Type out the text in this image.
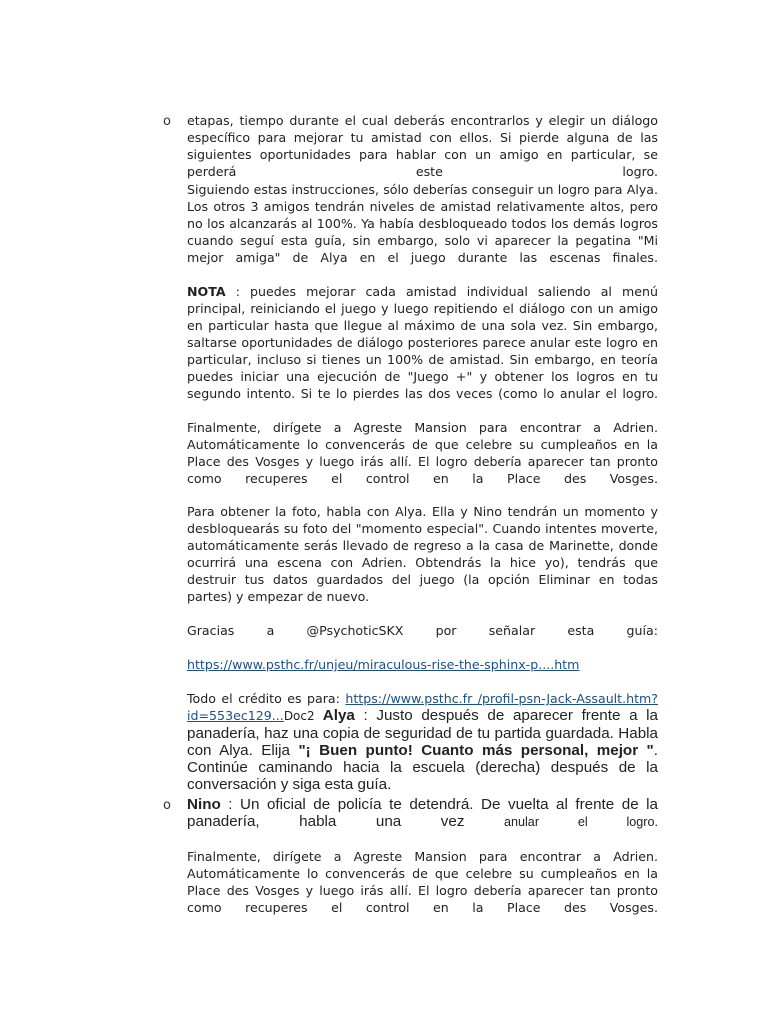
o etapas, tiempo durante el cual deberás encontrarlos y elegir un diálogo específico para mejorar tu amistad con ellos. Si pierde alguna de las siguientes oportunidades para hablar con un amigo en particular, se perderá este logro.
Siguiendo estas instrucciones, sólo deberías conseguir un logro para Alya. Los otros 3 amigos tendrán niveles de amistad relativamente altos, pero no los alcanzarás al 100%. Ya había desbloqueado todos los demás logros cuando seguí esta guía, sin embargo, solo vi aparecer la pegatina "Mi mejor amiga" de Alya en el juego durante las escenas finales.
NOTA : puedes mejorar cada amistad individual saliendo al menú principal, reiniciando el juego y luego repitiendo el diálogo con un amigo en particular hasta que llegue al máximo de una sola vez. Sin embargo, saltarse oportunidades de diálogo posteriores parece anular este logro en particular, incluso si tienes un 100% de amistad. Sin embargo, en teoría puedes iniciar una ejecución de "Juego +" y obtener los logros en tu segundo intento. Si te lo pierdes las dos veces (como lo anular el logro.
Finalmente, dirígete a Agreste Mansion para encontrar a Adrien. Automáticamente lo convencerás de que celebre su cumpleaños en la Place des Vosges y luego irás allí. El logro debería aparecer tan pronto como recuperes el control en la Place des Vosges.
Para obtener la foto, habla con Alya. Ella y Nino tendrán un momento y desbloquearás su foto del "momento especial". Cuando intentes moverte, automáticamente serás llevado de regreso a la casa de Marinette, donde ocurrirá una escena con Adrien. Obtendrás la hice yo), tendrás que destruir tus datos guardados del juego (la opción Eliminar en todas partes) y empezar de nuevo.
Gracias a @PsychoticSKX por señalar esta guía:
https://www.psthc.fr/unjeu/miraculous-rise-the-sphinx-p....htm
Todo el crédito es para: https://www.psthc.fr /profil-psn-Jack-Assault.htm?id=553ec129...Doc2 Alya : Justo después de aparecer frente a la panadería, haz una copia de seguridad de tu partida guardada. Habla con Alya. Elija "¡ Buen punto! Cuanto más personal, mejor ". Continúe caminando hacia la escuela (derecha) después de la conversación y siga esta guía.
o Nino : Un oficial de policía te detendrá. De vuelta al frente de la panadería, habla una vez anular el logro.
Finalmente, dirígete a Agreste Mansion para encontrar a Adrien. Automáticamente lo convencerás de que celebre su cumpleaños en la Place des Vosges y luego irás allí. El logro debería aparecer tan pronto como recuperes el control en la Place des Vosges.
